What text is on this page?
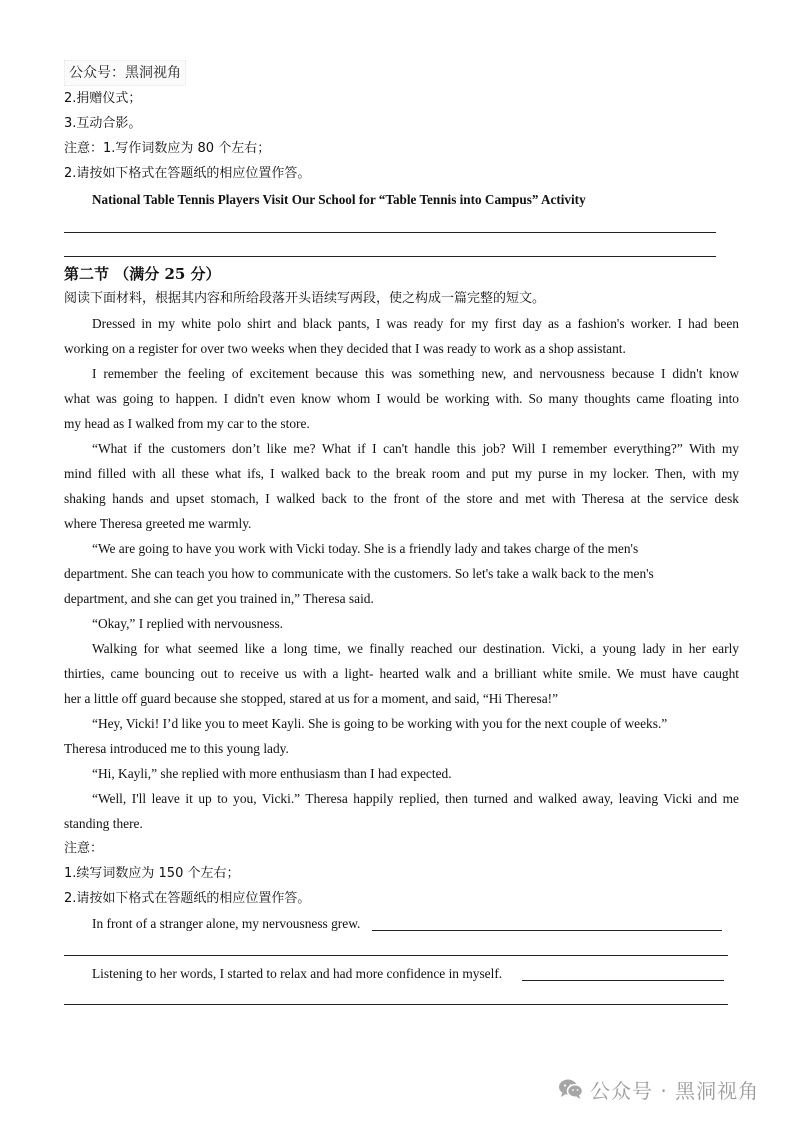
公众号：黑洞视角
2.捐赠仪式；
3.互动合影。
注意：1.写作词数应为 80 个左右；
2.请按如下格式在答题纸的相应位置作答。
National Table Tennis Players Visit Our School for “Table Tennis into Campus” Activity
第二节 （满分 25 分）
阅读下面材料，根据其内容和所给段落开头语续写两段，使之构成一篇完整的短文。
Dressed in my white polo shirt and black pants, I was ready for my first day as a fashion's worker. I had been
working on a register for over two weeks when they decided that I was ready to work as a shop assistant.
I remember the feeling of excitement because this was something new, and nervousness because I didn't know
what was going to happen. I didn't even know whom I would be working with. So many thoughts came floating into
my head as I walked from my car to the store.
“What if the customers don’t like me? What if I can't handle this job? Will I remember everything?” With my
mind filled with all these what ifs, I walked back to the break room and put my purse in my locker. Then, with my
shaking hands and upset stomach, I walked back to the front of the store and met with Theresa at the service desk
where Theresa greeted me warmly.
“We are going to have you work with Vicki today. She is a friendly lady and takes charge of the men's
department. She can teach you how to communicate with the customers. So let's take a walk back to the men's
department, and she can get you trained in,” Theresa said.
“Okay,” I replied with nervousness.
Walking for what seemed like a long time, we finally reached our destination. Vicki, a young lady in her early
thirties, came bouncing out to receive us with a light- hearted walk and a brilliant white smile. We must have caught
her a little off guard because she stopped, stared at us for a moment, and said, “Hi Theresa!”
“Hey, Vicki! I’d like you to meet Kayli. She is going to be working with you for the next couple of weeks.”
Theresa introduced me to this young lady.
“Hi, Kayli,” she replied with more enthusiasm than I had expected.
“Well, I'll leave it up to you, Vicki.” Theresa happily replied, then turned and walked away, leaving Vicki and me
standing there.
注意：
1.续写词数应为 150 个左右；
2.请按如下格式在答题纸的相应位置作答。
In front of a stranger alone, my nervousness grew.
Listening to her words, I started to relax and had more confidence in myself.
公众号 · 黑洞视角
